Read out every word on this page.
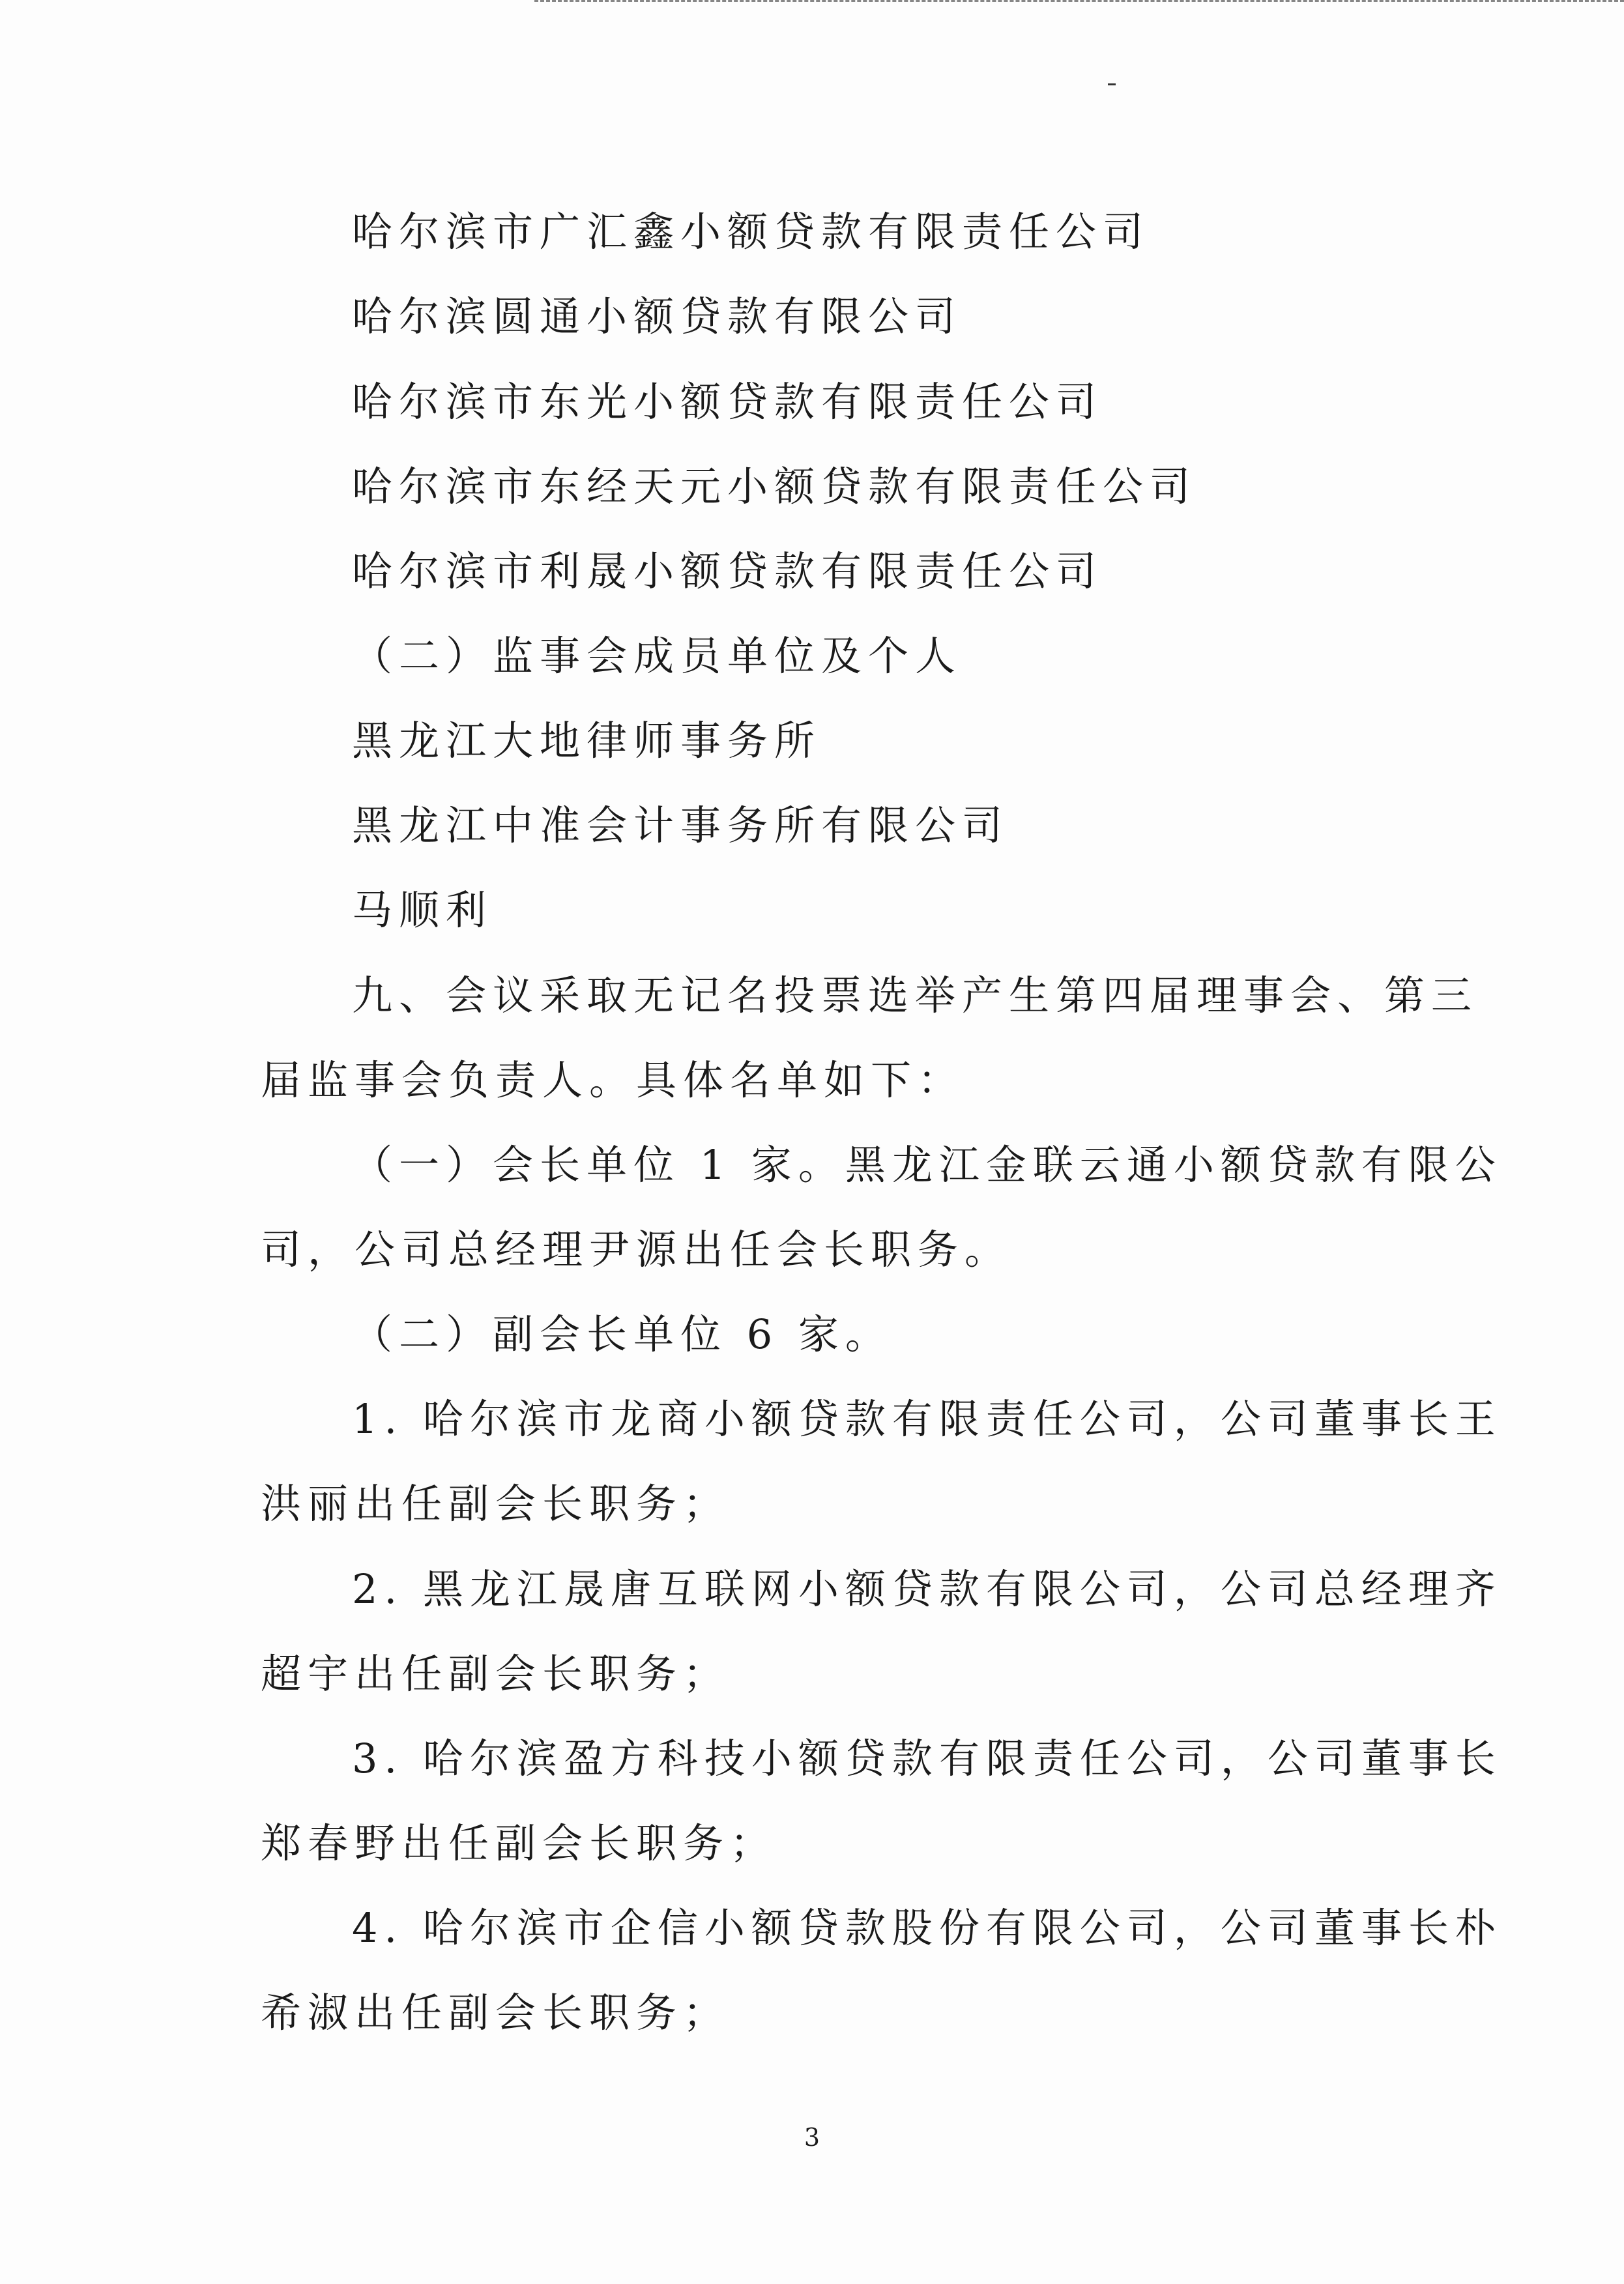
哈尔滨市广汇鑫小额贷款有限责任公司
哈尔滨圆通小额贷款有限公司
哈尔滨市东光小额贷款有限责任公司
哈尔滨市东经天元小额贷款有限责任公司
哈尔滨市利晟小额贷款有限责任公司
（二）监事会成员单位及个人
黑龙江大地律师事务所
黑龙江中准会计事务所有限公司
马顺利
九、会议采取无记名投票选举产生第四届理事会、第三
届监事会负责人。具体名单如下：
（一）会长单位 1 家。黑龙江金联云通小额贷款有限公
司，公司总经理尹源出任会长职务。
（二）副会长单位 6 家。
1. 哈尔滨市龙商小额贷款有限责任公司，公司董事长王
洪丽出任副会长职务；
2. 黑龙江晟唐互联网小额贷款有限公司，公司总经理齐
超宇出任副会长职务；
3. 哈尔滨盈方科技小额贷款有限责任公司，公司董事长
郑春野出任副会长职务；
4. 哈尔滨市企信小额贷款股份有限公司，公司董事长朴
希淑出任副会长职务；
3
